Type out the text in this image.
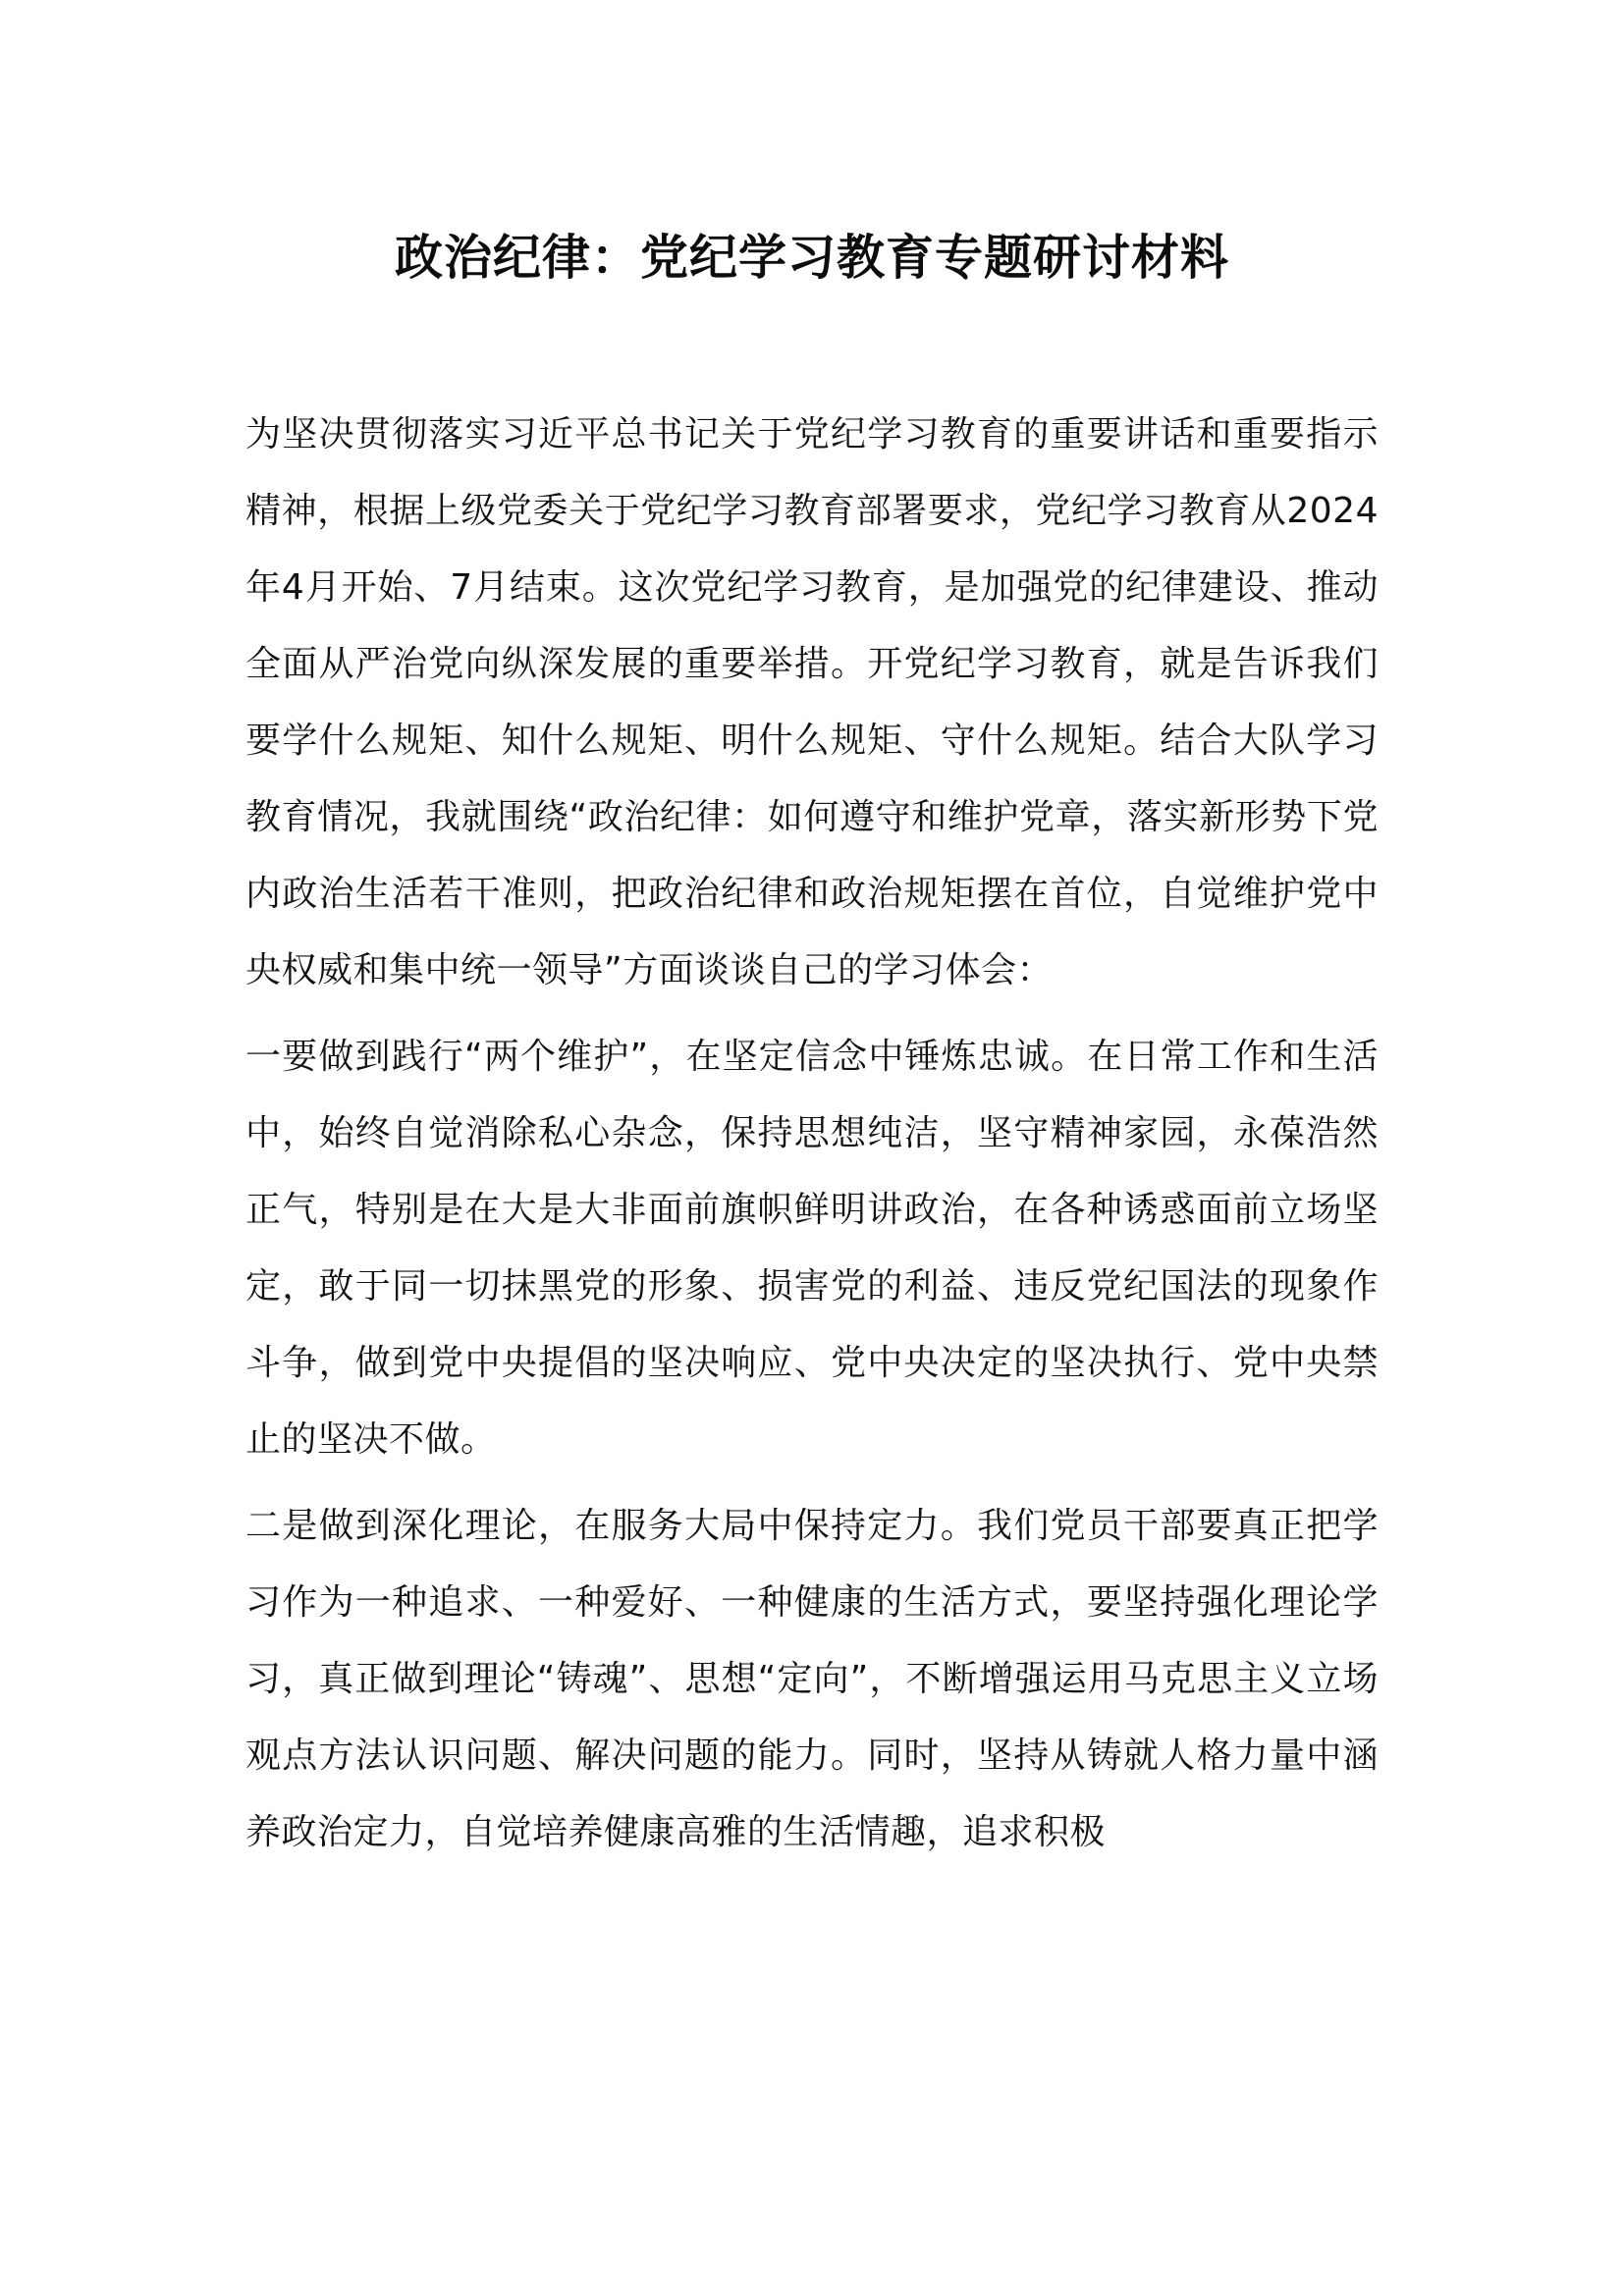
政治纪律：党纪学习教育专题研讨材料

为坚决贯彻落实习近平总书记关于党纪学习教育的重要讲话和重要指示精神，根据上级党委关于党纪学习教育部署要求，党纪学习教育从2024年4月开始、7月结束。这次党纪学习教育，是加强党的纪律建设、推动全面从严治党向纵深发展的重要举措。开党纪学习教育，就是告诉我们要学什么规矩、知什么规矩、明什么规矩、守什么规矩。结合大队学习教育情况，我就围绕“政治纪律：如何遵守和维护党章，落实新形势下党内政治生活若干准则，把政治纪律和政治规矩摆在首位，自觉维护党中央权威和集中统一领导”方面谈谈自己的学习体会：

一要做到践行“两个维护”，在坚定信念中锤炼忠诚。在日常工作和生活中，始终自觉消除私心杂念，保持思想纯洁，坚守精神家园，永葆浩然正气，特别是在大是大非面前旗帜鲜明讲政治，在各种诱惑面前立场坚定，敢于同一切抹黑党的形象、损害党的利益、违反党纪国法的现象作斗争，做到党中央提倡的坚决响应、党中央决定的坚决执行、党中央禁止的坚决不做。

二是做到深化理论，在服务大局中保持定力。我们党员干部要真正把学习作为一种追求、一种爱好、一种健康的生活方式，要坚持强化理论学习，真正做到理论“铸魂”、思想“定向”，不断增强运用马克思主义立场观点方法认识问题、解决问题的能力。同时，坚持从铸就人格力量中涵养政治定力，自觉培养健康高雅的生活情趣，追求积极
